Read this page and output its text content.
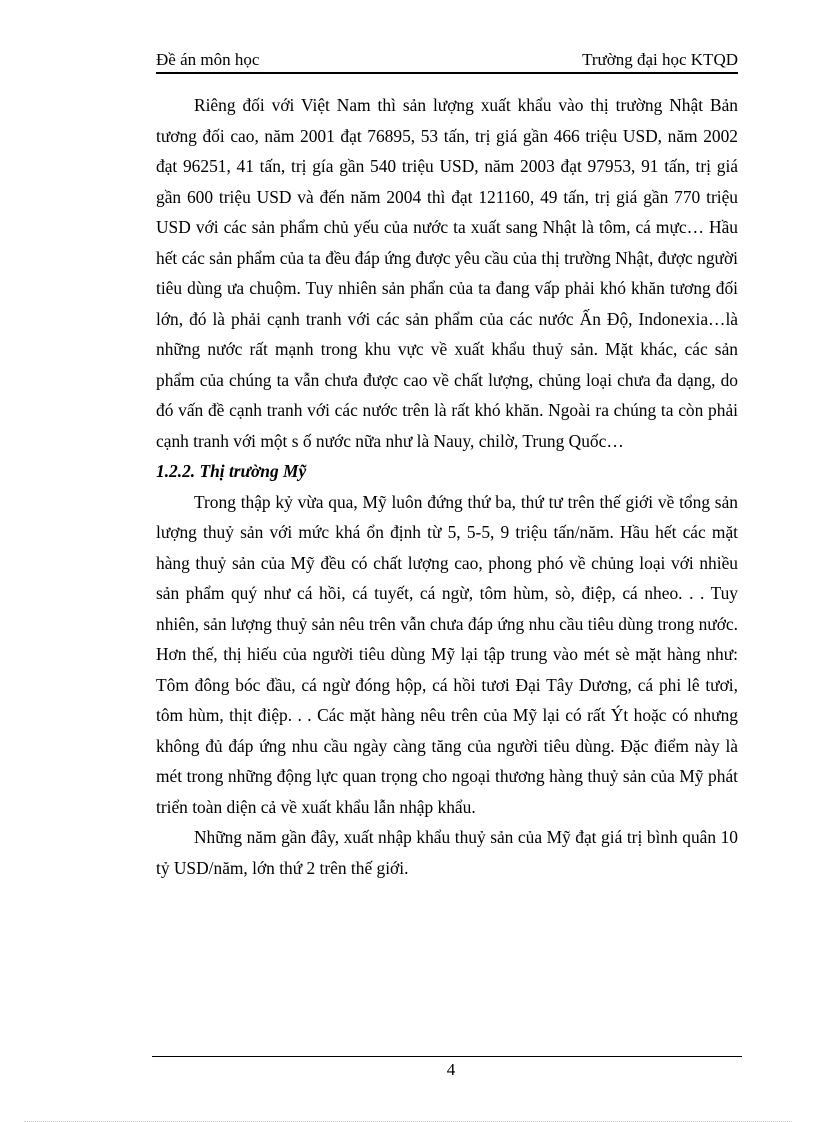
Đề án môn học	Trường đại học KTQD

Riêng đối với Việt Nam thì sản lượng xuất khẩu vào thị trường Nhật Bản tương đối cao, năm 2001 đạt 76895, 53 tấn, trị giá gần 466 triệu USD, năm 2002 đạt 96251, 41 tấn, trị gía gần 540 triệu USD, năm 2003 đạt 97953, 91 tấn, trị giá gần 600 triệu USD và đến năm 2004 thì đạt 121160, 49 tấn, trị giá gần 770 triệu USD với các sản phẩm chủ yếu của nước ta xuất sang Nhật là tôm, cá mực… Hầu hết các sản phẩm của ta đều đáp ứng được yêu cầu của thị trường Nhật, được người tiêu dùng ưa chuộm. Tuy nhiên sản phẩn của ta đang vấp phải khó khăn tương đối lớn, đó là phải cạnh tranh với các sản phẩm của các nước Ấn Độ, Indonexia…là những nước rất mạnh trong khu vực về xuất khẩu thuỷ sản. Mặt khác, các sản phẩm của chúng ta vẫn chưa được cao về chất lượng, chủng loại chưa đa dạng, do đó vấn đề cạnh tranh với các nước trên là rất khó khăn. Ngoài ra chúng ta còn phải cạnh tranh với một s ố nước nữa như là Nauy, chilờ, Trung Quốc…

1.2.2. Thị trường Mỹ

Trong thập kỷ vừa qua, Mỹ luôn đứng thứ ba, thứ tư trên thế giới về tổng sản lượng thuỷ sản với mức khá ổn định từ 5, 5-5, 9 triệu tấn/năm. Hầu hết các mặt hàng thuỷ sản của Mỹ đều có chất lượng cao, phong phó về chủng loại với nhiều sản phẩm quý như cá hồi, cá tuyết, cá ngừ, tôm hùm, sò, điệp, cá nheo. . . Tuy nhiên, sản lượng thuỷ sản nêu trên vẫn chưa đáp ứng nhu cầu tiêu dùng trong nước. Hơn thế, thị hiếu của người tiêu dùng Mỹ lại tập trung vào mét sè mặt hàng như: Tôm đông bóc đầu, cá ngừ đóng hộp, cá hồi tươi Đại Tây Dương, cá phi lê tươi, tôm hùm, thịt điệp. . . Các mặt hàng nêu trên của Mỹ lại có rất Ýt hoặc có nhưng không đủ đáp ứng nhu cầu ngày càng tăng của người tiêu dùng. Đặc điểm này là mét trong những động lực quan trọng cho ngoại thương hàng thuỷ sản của Mỹ phát triển toàn diện cả về xuất khẩu lẫn nhập khẩu.

Những năm gần đây, xuất nhập khẩu thuỷ sản của Mỹ đạt giá trị bình quân 10 tỷ USD/năm, lớn thứ 2 trên thế giới.

4
